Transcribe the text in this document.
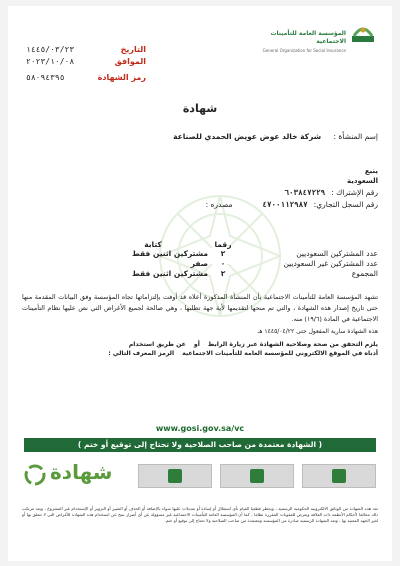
المؤسسة العامة للتأمينات الاجتماعية
General Organization for Social Insurance
التاريخ
١٤٤٥/٠٣/٢٣
الموافق
٢٠٢٣/١٠/٠٨
رمز الشهادة
٥٨٠٩٤٣٩٥
شهادة
إسم المنشأة : شركة خالد عوض عويض الحمدي للصناعة
ينبع
السعودية
رقم الإشتراك :
٦٠٣٨٤٧٢٢٩
رقم السجل التجاري:
٤٧٠٠١١٢٩٨٧
مصدره :
رقما
كتابة
عدد المشتركين السعوديين
٢
مشتركين اثنين فقط
عدد المشتركين غير السعوديين
٠
صفر
المجموع
٢
مشتركين اثنين فقط
تشهد المؤسسة العامة للتأمينات الاجتماعية بأن المنشأة المذكورة أعلاه قد أوفت بإلتزاماتها تجاه المؤسسة وفق البيانات المقدمة منها حتى تاريخ إصدار هذه الشهادة ، والتي تم منحها لتقديمها لأية جهة تطلبها ، وهي صالحة لجميع الأغراض التي نص عليها نظام التأمينات الاجتماعية في المادة (١٩/٦) منه.
هذه الشهادة سارية المفعول حتى ١٤٤٥/٠٤/٢٢ هـ
يلزم التحقق من صحة وصلاحية الشهادة عبر زيارة الرابط
أو
عن طريق استخدام
أدناه في الموقع الالكتروني للمؤسسة العامة للتأمينات الاجتماعية
الرمز المعرف التالي :
www.gosi.gov.sa/vc
( الشهادة معتمدة من صاحب الصلاحية ولا تحتاج إلى توقيع أو ختم )
شهادة
تعد هذه الشهادة من الوثائق الالكترونية الحكومية الرسمية ، ويحظر قطعيا القيام بأي استغلال أو إساءة أو تعديلات عليها سواء بالإضافة أو الحذف أو التغيير أو التزوير أو الإستخدام غير المشروع ، ويعد مرتكب ذلك مخالفا لأحكام الأنظمة ذات العلاقة ويعرض للعقوبات المقررة نظاما ، كما أن المؤسسة العامة للتأمينات الاجتماعية غير مسؤولة عن أي أضرار تنتج عن استخدام هذه الشهادة للأغراض التي لا تتعلق بها أو لغير الجهة المعنية بها ، وتعد الشهادة الرسمية صادرة من المؤسسة ومعتمدة من صاحب الصلاحية ولا تحتاج إلى توقيع أو ختم.
